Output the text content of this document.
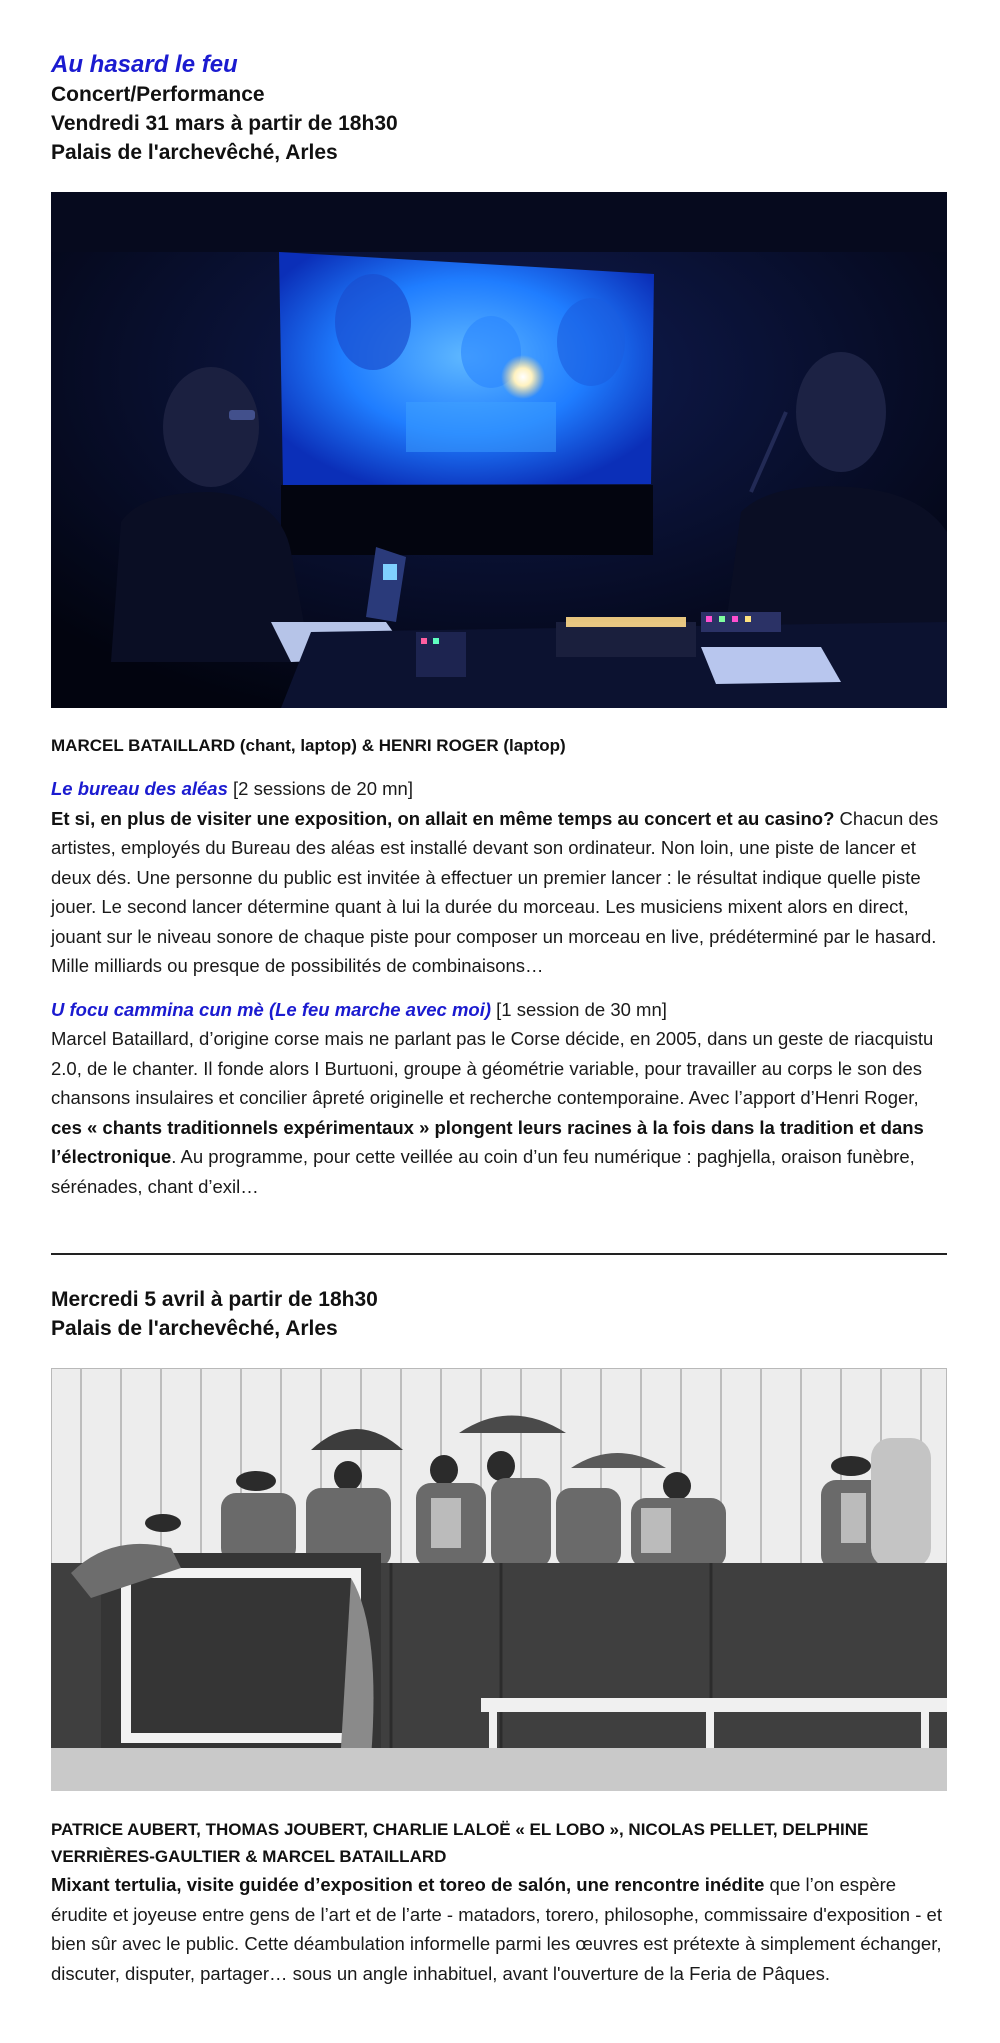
Au hasard le feu

Concert/Performance

Vendredi 31 mars à partir de 18h30

Palais de l'archevêché, Arles

MARCEL BATAILLARD (chant, laptop) & HENRI ROGER (laptop)

Le bureau des aléas [2 sessions de 20 mn]
Et si, en plus de visiter une exposition, on allait en même temps au concert et au casino? Chacun des artistes, employés du Bureau des aléas est installé devant son ordinateur. Non loin, une piste de lancer et deux dés. Une personne du public est invitée à effectuer un premier lancer : le résultat indique quelle piste jouer. Le second lancer détermine quant à lui la durée du morceau. Les musiciens mixent alors en direct, jouant sur le niveau sonore de chaque piste pour composer un morceau en live, prédéterminé par le hasard. Mille milliards ou presque de possibilités de combinaisons…

U focu cammina cun mè (Le feu marche avec moi) [1 session de 30 mn]
Marcel Bataillard, d’origine corse mais ne parlant pas le Corse décide, en 2005, dans un geste de riacquistu 2.0, de le chanter. Il fonde alors I Burtuoni, groupe à géométrie variable, pour travailler au corps le son des chansons insulaires et concilier âpreté originelle et recherche contemporaine. Avec l’apport d’Henri Roger, ces « chants traditionnels expérimentaux » plongent leurs racines à la fois dans la tradition et dans l’électronique. Au programme, pour cette veillée au coin d’un feu numérique : paghjella, oraison funèbre, sérénades, chant d’exil…

Mercredi 5 avril à partir de 18h30

Palais de l'archevêché, Arles

PATRICE AUBERT, THOMAS JOUBERT, CHARLIE LALOË « EL LOBO », NICOLAS PELLET, DELPHINE VERRIÈRES-GAULTIER & MARCEL BATAILLARD

Mixant tertulia, visite guidée d’exposition et toreo de salón, une rencontre inédite que l’on espère érudite et joyeuse entre gens de l’art et de l’arte - matadors, torero, philosophe, commissaire d'exposition - et bien sûr avec le public. Cette déambulation informelle parmi les œuvres est prétexte à simplement échanger, discuter, disputer, partager… sous un angle inhabituel, avant l'ouverture de la Feria de Pâques.
